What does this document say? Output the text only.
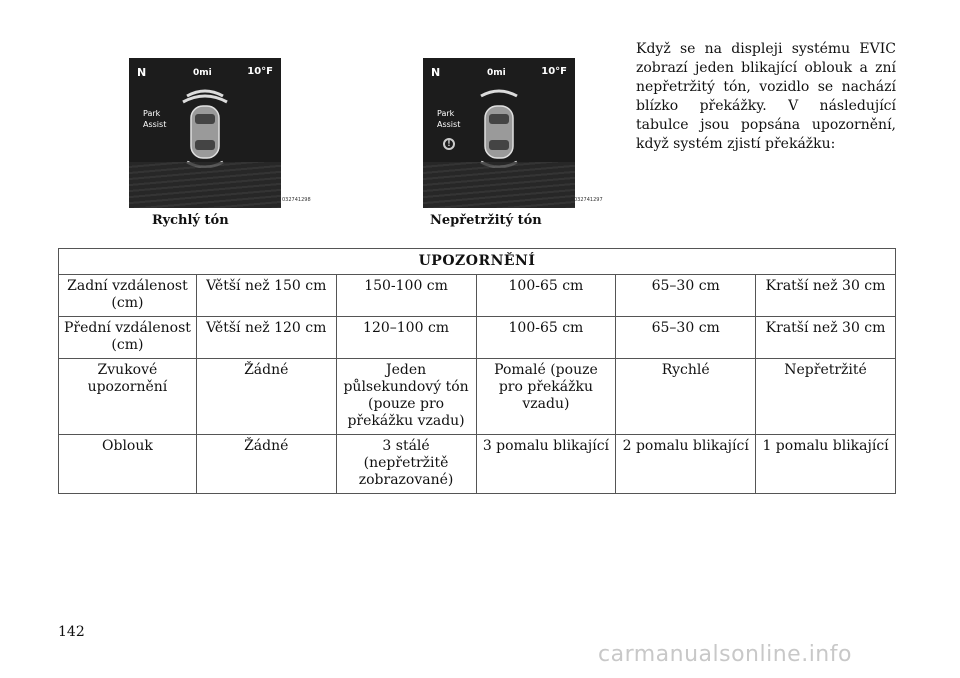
N	0mi	10°F
Park
Assist
032741298
Rychlý tón
N	0mi	10°F
Park
Assist
!
032741297
Nepřetržitý tón

Když se na displeji systému EVIC zobrazí jeden blikající oblouk a zní nepřetržitý tón, vozidlo se nachází blízko překážky. V následující tabulce jsou popsána upozornění, když systém zjistí překážku:

UPOZORNĚNÍ					
Zadní vzdálenost (cm)	Větší než 150 cm	150-100 cm	100-65 cm	65–30 cm	Kratší než 30 cm
Přední vzdálenost (cm)	Větší než 120 cm	120–100 cm	100-65 cm	65–30 cm	Kratší než 30 cm
Zvukové upozornění	Žádné	Jeden půlsekundový tón (pouze pro překážku vzadu)	Pomalé (pouze pro překážku vzadu)	Rychlé	Nepřetržité
Oblouk	Žádné	3 stálé (nepřetržitě zobrazované)	3 pomalu blikající	2 pomalu blikající	1 pomalu blikající
142
carmanualsonline.info
